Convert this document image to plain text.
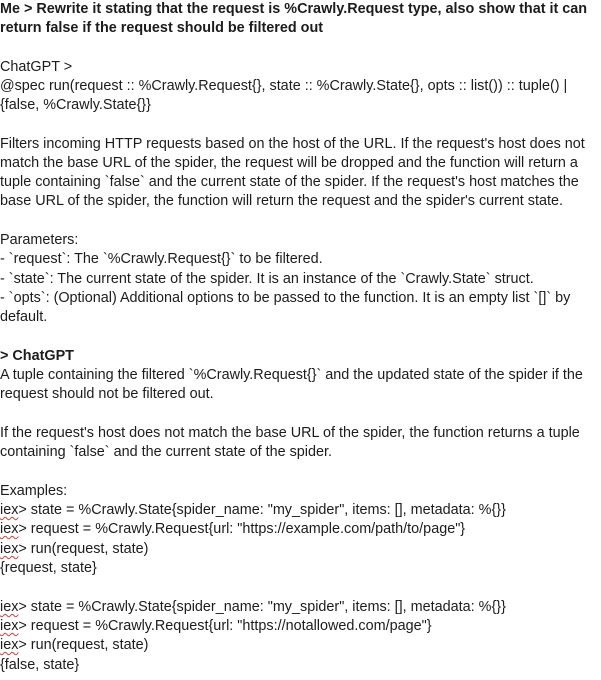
Me > Rewrite it stating that the request is %Crawly.Request type, also show that it can
return false if the request should be filtered out
ChatGPT >
@spec run(request :: %Crawly.Request{}, state :: %Crawly.State{}, opts :: list()) :: tuple() |
{false, %Crawly.State{}}
Filters incoming HTTP requests based on the host of the URL. If the request's host does not
match the base URL of the spider, the request will be dropped and the function will return a
tuple containing `false` and the current state of the spider. If the request's host matches the
base URL of the spider, the function will return the request and the spider's current state.
Parameters:
- `request`: The `%Crawly.Request{}` to be filtered.
- `state`: The current state of the spider. It is an instance of the `Crawly.State` struct.
- `opts`: (Optional) Additional options to be passed to the function. It is an empty list `[]` by
default.
> ChatGPT
A tuple containing the filtered `%Crawly.Request{}` and the updated state of the spider if the
request should not be filtered out.
If the request's host does not match the base URL of the spider, the function returns a tuple
containing `false` and the current state of the spider.
Examples:
iex> state = %Crawly.State{spider_name: "my_spider", items: [], metadata: %{}}
iex> request = %Crawly.Request{url: "https://example.com/path/to/page"}
iex> run(request, state)
{request, state}
iex> state = %Crawly.State{spider_name: "my_spider", items: [], metadata: %{}}
iex> request = %Crawly.Request{url: "https://notallowed.com/page"}
iex> run(request, state)
{false, state}
